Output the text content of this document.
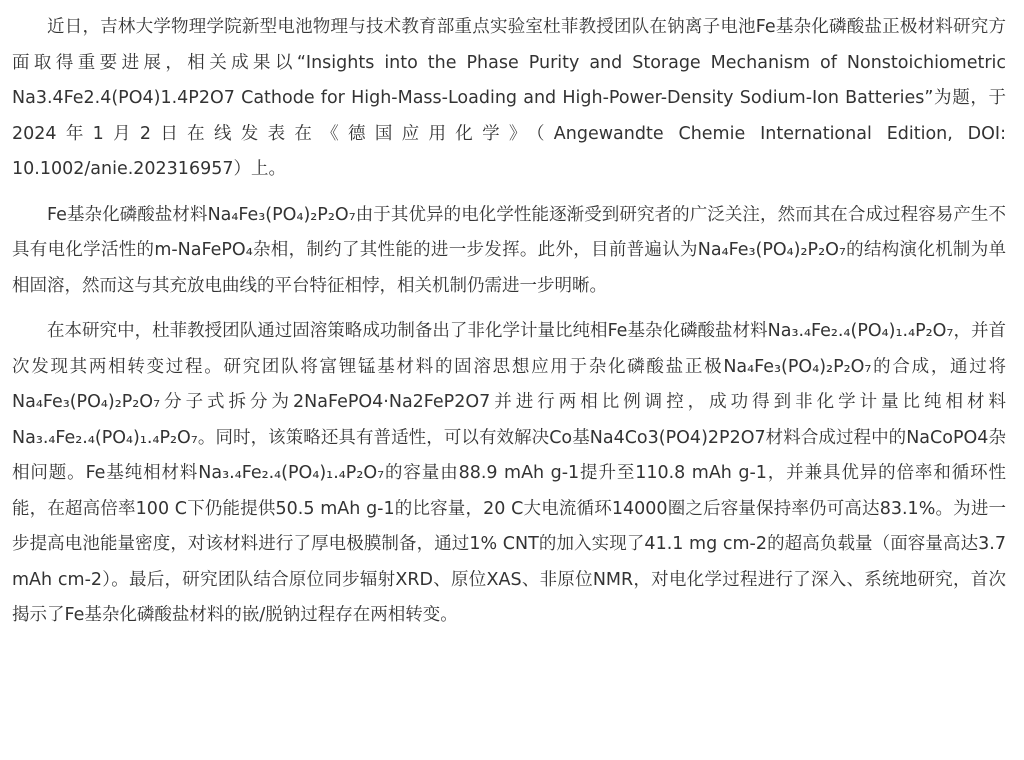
近日，吉林大学物理学院新型电池物理与技术教育部重点实验室杜菲教授团队在钠离子电池Fe基杂化磷酸盐正极材料研究方面取得重要进展，相关成果以“Insights into the Phase Purity and Storage Mechanism of Nonstoichiometric Na3.4Fe2.4(PO4)1.4P2O7 Cathode for High-Mass-Loading and High-Power-Density Sodium-Ion Batteries”为题，于2024年1月2日在线发表在《德国应用化学》（Angewandte Chemie International Edition, DOI: 10.1002/anie.202316957）上。

Fe基杂化磷酸盐材料Na₄Fe₃(PO₄)₂P₂O₇由于其优异的电化学性能逐渐受到研究者的广泛关注，然而其在合成过程容易产生不具有电化学活性的m-NaFePO₄杂相，制约了其性能的进一步发挥。此外，目前普遍认为Na₄Fe₃(PO₄)₂P₂O₇的结构演化机制为单相固溶，然而这与其充放电曲线的平台特征相悖，相关机制仍需进一步明晰。

在本研究中，杜菲教授团队通过固溶策略成功制备出了非化学计量比纯相Fe基杂化磷酸盐材料Na₃.₄Fe₂.₄(PO₄)₁.₄P₂O₇，并首次发现其两相转变过程。研究团队将富锂锰基材料的固溶思想应用于杂化磷酸盐正极Na₄Fe₃(PO₄)₂P₂O₇的合成，通过将Na₄Fe₃(PO₄)₂P₂O₇分子式拆分为2NaFePO4·Na2FeP2O7并进行两相比例调控，成功得到非化学计量比纯相材料Na₃.₄Fe₂.₄(PO₄)₁.₄P₂O₇。同时，该策略还具有普适性，可以有效解决Co基Na4Co3(PO4)2P2O7材料合成过程中的NaCoPO4杂相问题。Fe基纯相材料Na₃.₄Fe₂.₄(PO₄)₁.₄P₂O₇的容量由88.9 mAh g-1提升至110.8 mAh g-1，并兼具优异的倍率和循环性能，在超高倍率100 C下仍能提供50.5 mAh g-1的比容量，20 C大电流循环14000圈之后容量保持率仍可高达83.1%。为进一步提高电池能量密度，对该材料进行了厚电极膜制备，通过1% CNT的加入实现了41.1 mg cm-2的超高负载量（面容量高达3.7 mAh cm-2）。最后，研究团队结合原位同步辐射XRD、原位XAS、非原位NMR，对电化学过程进行了深入、系统地研究，首次揭示了Fe基杂化磷酸盐材料的嵌/脱钠过程存在两相转变。
